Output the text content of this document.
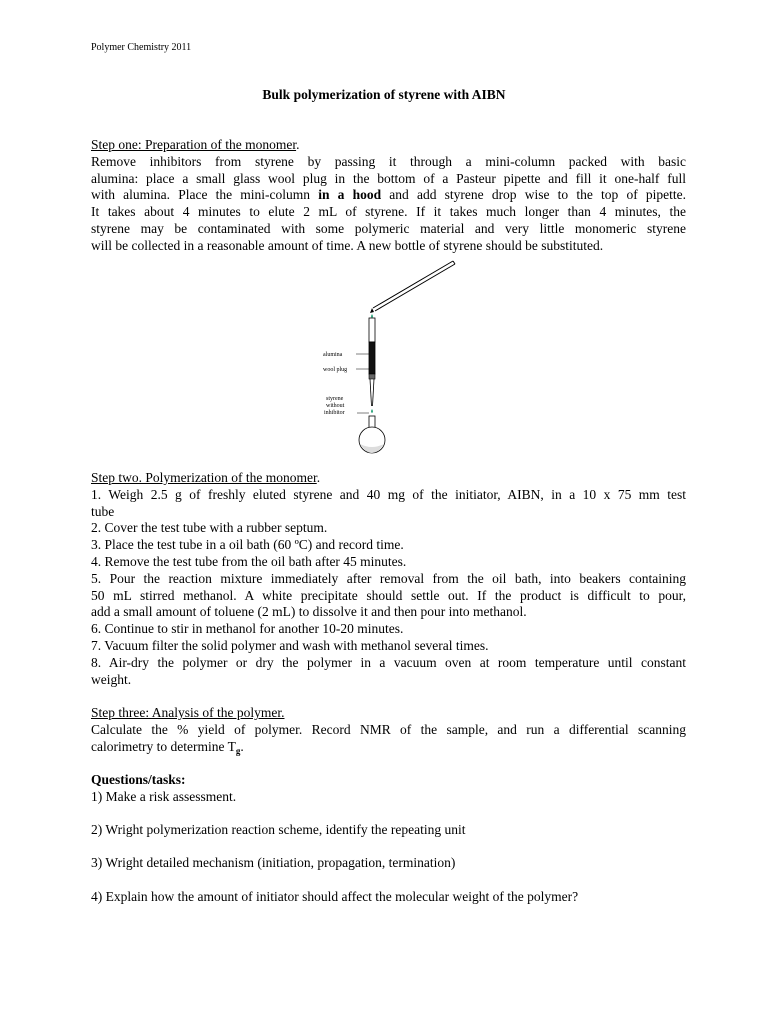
Polymer Chemistry 2011
Bulk polymerization of styrene with AIBN

Step one: Preparation of the monomer.

Remove inhibitors from styrene by passing it through a mini-column packed with basic
alumina: place a small glass wool plug in the bottom of a Pasteur pipette and fill it one-half full
with alumina. Place the mini-column in a hood and add styrene drop wise to the top of pipette.
It takes about 4 minutes to elute 2 mL of styrene. If it takes much longer than 4 minutes, the
styrene may be contaminated with some polymeric material and very little monomeric styrene
will be collected in a reasonable amount of time. A new bottle of styrene should be substituted.
alumina
wool plug
styrene
without
inhibitor

Step two. Polymerization of the monomer.

1. Weigh 2.5 g of freshly eluted styrene and 40 mg of the initiator, AIBN, in a 10 x 75 mm test
tube
2. Cover the test tube with a rubber septum.
3. Place the test tube in a oil bath (60 ºC) and record time.
4. Remove the test tube from the oil bath after 45 minutes.
5. Pour the reaction mixture immediately after removal from the oil bath, into beakers containing
50 mL stirred methanol. A white precipitate should settle out. If the product is difficult to pour,
add a small amount of toluene (2 mL) to dissolve it and then pour into methanol.
6. Continue to stir in methanol for another 10-20 minutes.
7. Vacuum filter the solid polymer and wash with methanol several times.
8. Air-dry the polymer or dry the polymer in a vacuum oven at room temperature until constant
weight.

Step three: Analysis of the polymer.

Calculate the % yield of polymer. Record NMR of the sample, and run a differential scanning
calorimetry to determine $T_g$.
Questions/tasks:
1) Make a risk assessment.
2) Wright polymerization reaction scheme, identify the repeating unit
3) Wright detailed mechanism (initiation, propagation, termination)
4) Explain how the amount of initiator should affect the molecular weight of the polymer?
